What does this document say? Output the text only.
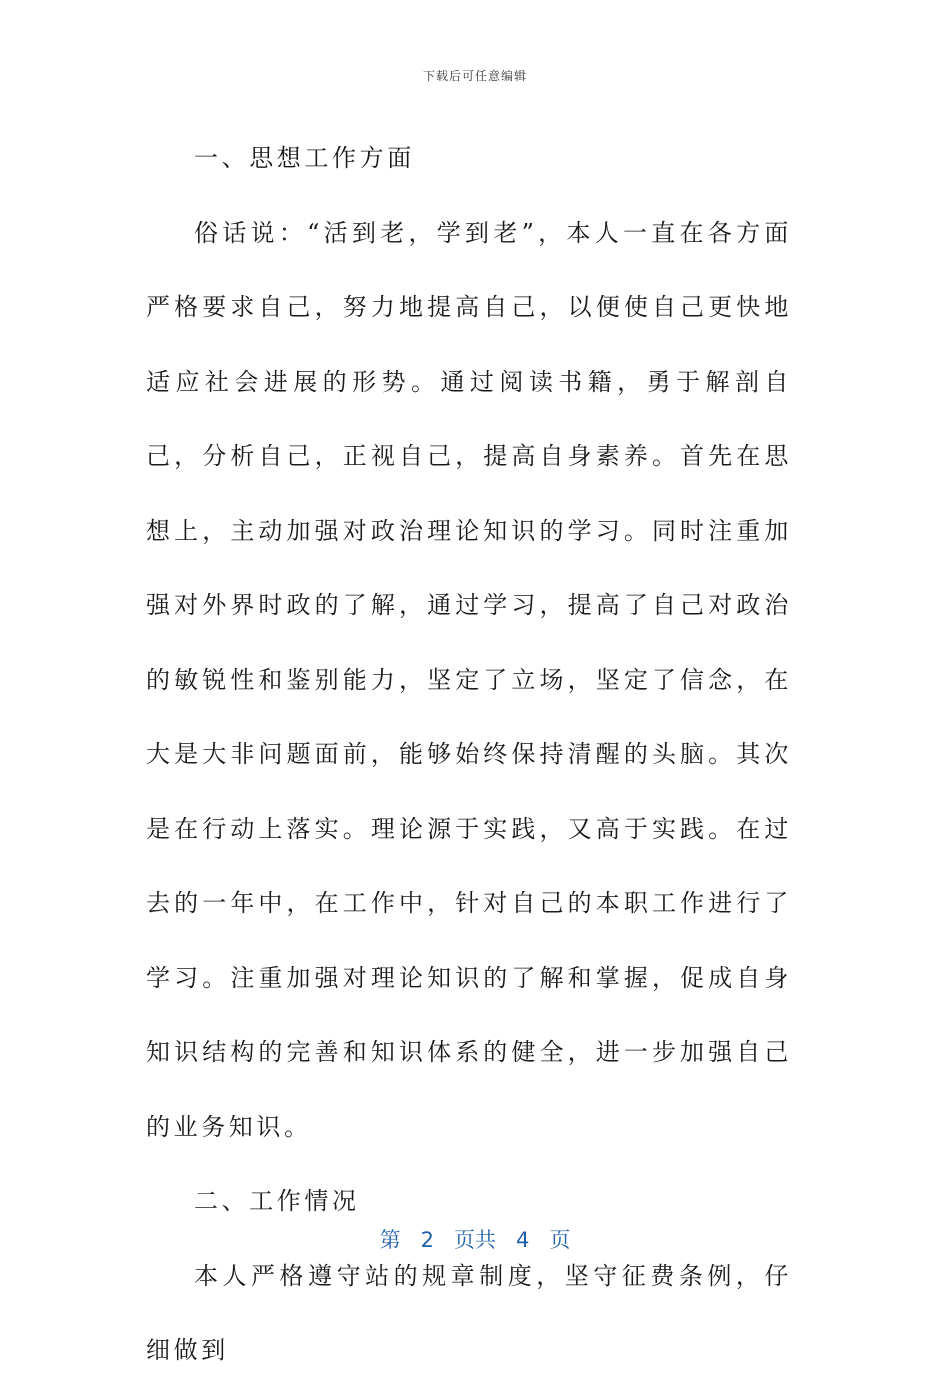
下载后可任意编辑

一、思想工作方面

俗话说：“活到老，学到老”，本人一直在各方面严格要求自己，努力地提高自己，以便使自己更快地适应社会进展的形势。通过阅读书籍，勇于解剖自己，分析自己，正视自己，提高自身素养。首先在思想上，主动加强对政治理论知识的学习。同时注重加强对外界时政的了解，通过学习，提高了自己对政治的敏锐性和鉴别能力，坚定了立场，坚定了信念，在大是大非问题面前，能够始终保持清醒的头脑。其次是在行动上落实。理论源于实践，又高于实践。在过去的一年中，在工作中，针对自己的本职工作进行了学习。注重加强对理论知识的了解和掌握，促成自身知识结构的完善和知识体系的健全，进一步加强自己的业务知识。

二、工作情况

本人严格遵守站的规章制度，坚守征费条例，仔细做到

第 2 页共 4 页
